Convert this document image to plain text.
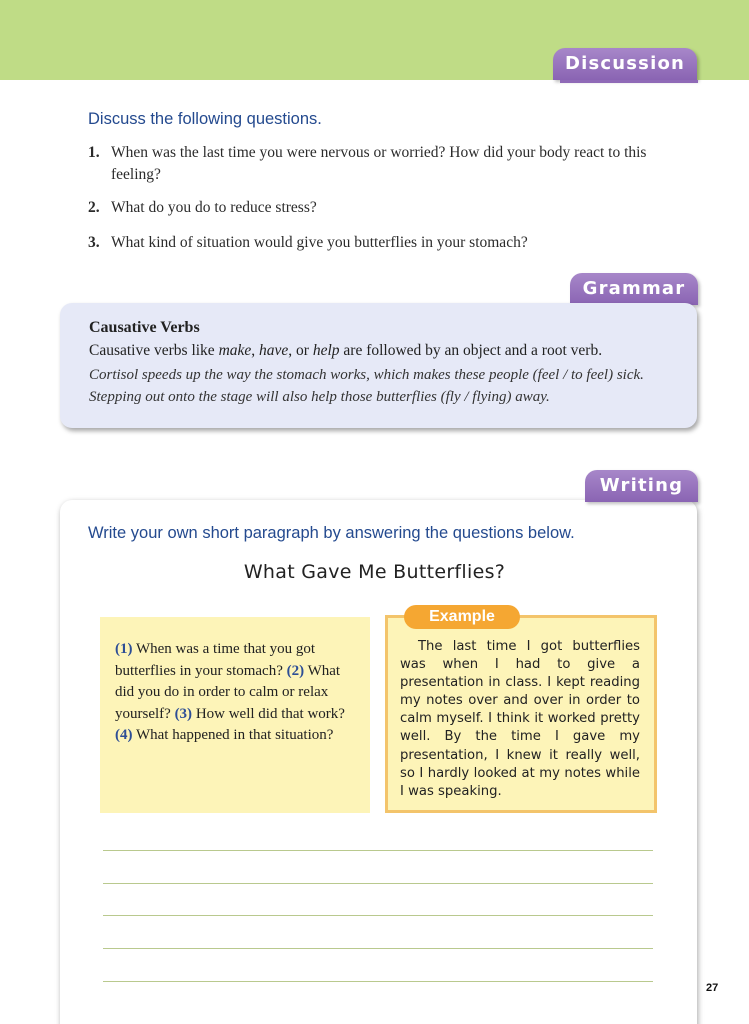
Discussion
Discuss the following questions.
1. When was the last time you were nervous or worried? How did your body react to this feeling?
2. What do you do to reduce stress?
3. What kind of situation would give you butterflies in your stomach?
Grammar
Causative Verbs
Causative verbs like make, have, or help are followed by an object and a root verb.
Cortisol speeds up the way the stomach works, which makes these people (feel / to feel) sick.
Stepping out onto the stage will also help those butterflies (fly / flying) away.
Writing
Write your own short paragraph by answering the questions below.
What Gave Me Butterflies?
(1) When was a time that you got butterflies in your stomach? (2) What did you do in order to calm or relax yourself? (3) How well did that work? (4) What happened in that situation?
Example
The last time I got butterflies was when I had to give a presentation in class. I kept reading my notes over and over in order to calm myself. I think it worked pretty well. By the time I gave my presentation, I knew it really well, so I hardly looked at my notes while I was speaking.
27
